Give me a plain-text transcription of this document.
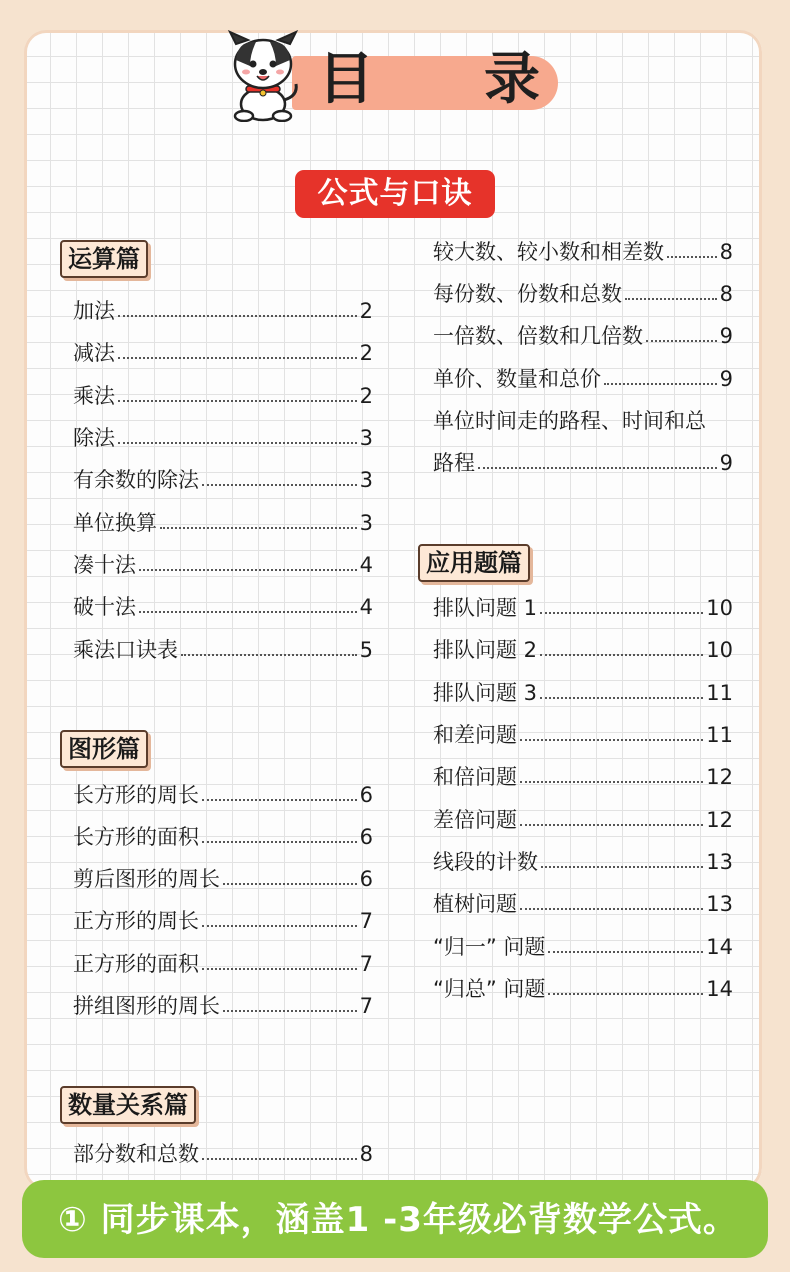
目 录
公式与口诀
运算篇
图形篇
数量关系篇
应用题篇
加法	2
减法	2
乘法	2
除法	3
有余数的除法	3
单位换算	3
凑十法	4
破十法	4
乘法口诀表	5
长方形的周长	6
长方形的面积	6
剪后图形的周长	6
正方形的周长	7
正方形的面积	7
拼组图形的周长	7
部分数和总数	8
较大数、较小数和相差数	8
每份数、份数和总数	8
一倍数、倍数和几倍数	9
单价、数量和总价	9
单位时间走的路程、时间和总
路程	9
排队问题 1	10
排队问题 2	10
排队问题 3	11
和差问题	11
和倍问题	12
差倍问题	12
线段的计数	13
植树问题	13
“归一” 问题	14
“归总” 问题	14
① 同步课本，涵盖1 -3年级必背数学公式。
